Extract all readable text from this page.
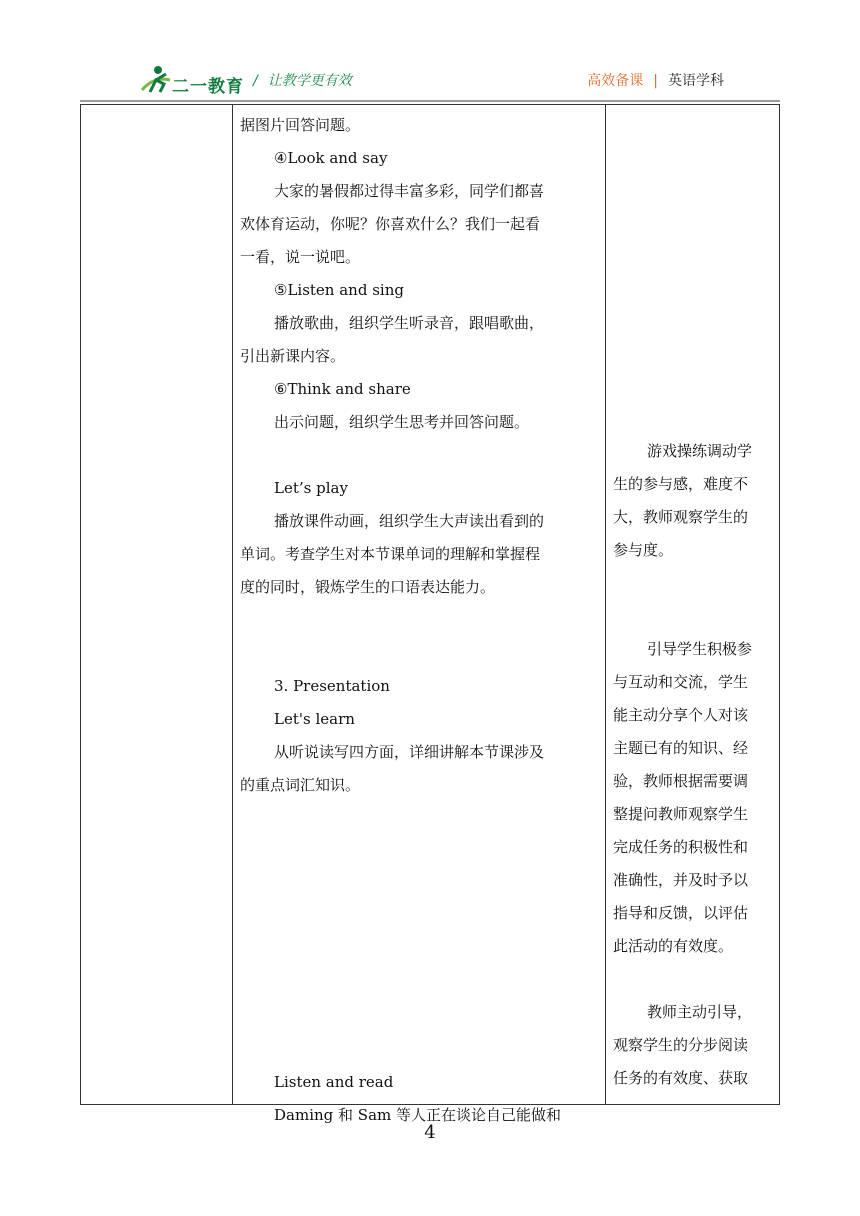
二一教育 / 让教学更有效	高效备课 | 英语学科

据图片回答问题。

④Look and say

大家的暑假都过得丰富多彩，同学们都喜

欢体育运动，你呢？你喜欢什么？我们一起看

一看，说一说吧。

⑤Listen and sing

播放歌曲，组织学生听录音，跟唱歌曲，

引出新课内容。

⑥Think and share

出示问题，组织学生思考并回答问题。

Let’s play

播放课件动画，组织学生大声读出看到的

单词。考查学生对本节课单词的理解和掌握程

度的同时，锻炼学生的口语表达能力。

3. Presentation

Let's learn

从听说读写四方面，详细讲解本节课涉及

的重点词汇知识。

Listen and read

Daming 和 Sam 等人正在谈论自己能做和

游戏操练调动学

生的参与感，难度不

大，教师观察学生的

参与度。

引导学生积极参

与互动和交流，学生

能主动分享个人对该

主题已有的知识、经

验，教师根据需要调

整提问教师观察学生

完成任务的积极性和

准确性，并及时予以

指导和反馈，以评估

此活动的有效度。

教师主动引导，

观察学生的分步阅读

任务的有效度、获取

4
